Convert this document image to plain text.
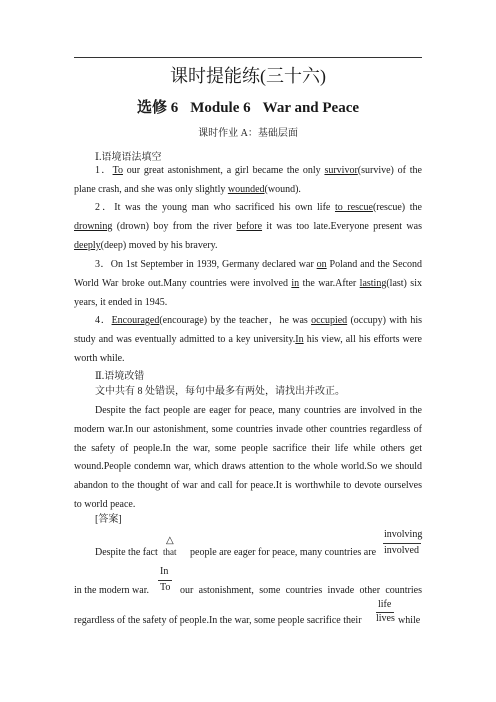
课时提能练(三十六)
选修 6 Module 6 War and Peace
课时作业 A：基础层面
Ⅰ.语境语法填空

1．To our great astonishment, a girl became the only survivor(survive) of the plane crash, and she was only slightly wounded(wound).

2．It was the young man who sacrificed his own life to rescue(rescue) the drowning (drown) boy from the river before it was too late.Everyone present was deeply(deep) moved by his bravery.

3．On 1st September in 1939, Germany declared war on Poland and the Second World War broke out.Many countries were involved in the war.After lasting(last) six years, it ended in 1945.

4．Encouraged(encourage) by the teacher，he was occupied (occupy) with his study and was eventually admitted to a key university.In his view, all his efforts were worth while.

Ⅱ.语境改错

文中共有 8 处错误，每句中最多有两处，请找出并改正。

Despite the fact people are eager for peace, many countries are involved in the modern war.In our astonishment, some countries invade other countries regardless of the safety of people.In the war, some people sacrifice their life while others get wound.People condemn war, which draws attention to the whole world.So we should abandon to the thought of war and call for peace.It is worthwhile to devote ourselves to world peace.

[答案]
Despite the fact
△
that people are eager for peace, many countries are
involving
involved
in the modern war.
In
To our astonishment, some countries invade other countries
regardless of the safety of people.In the war, some people sacrifice their
life
lives while
